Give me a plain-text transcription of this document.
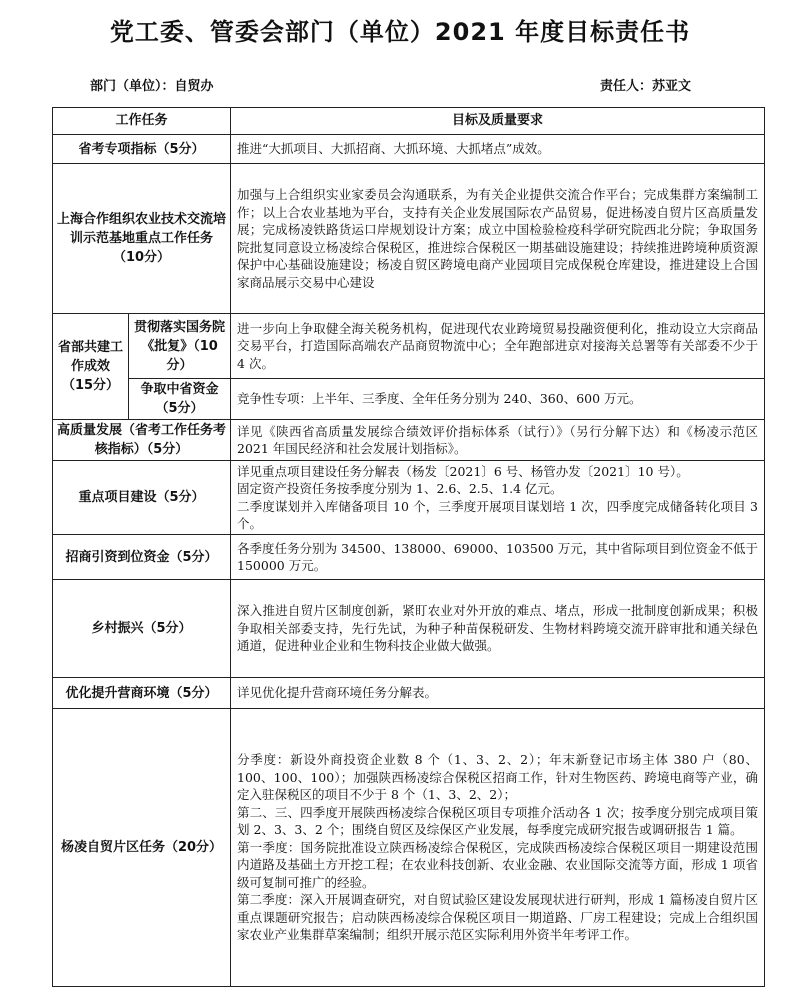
党工委、管委会部门（单位）2021 年度目标责任书
部门（单位）：自贸办	责任人：苏亚文
工作任务		目标及质量要求
省考专项指标（5分）		推进“大抓项目、大抓招商、大抓环境、大抓堵点”成效。
上海合作组织农业技术交流培训示范基地重点工作任务（10分）		加强与上合组织实业家委员会沟通联系，为有关企业提供交流合作平台；完成集群方案编制工作；以上合农业基地为平台，支持有关企业发展国际农产品贸易，促进杨凌自贸片区高质量发展；完成杨凌铁路货运口岸规划设计方案；成立中国检验检疫科学研究院西北分院；争取国务院批复同意设立杨凌综合保税区，推进综合保税区一期基础设施建设；持续推进跨境种质资源保护中心基础设施建设；杨凌自贸区跨境电商产业园项目完成保税仓库建设，推进建设上合国家商品展示交易中心建设
省部共建工作成效（15分）	贯彻落实国务院《批复》（10分）	进一步向上争取健全海关税务机构，促进现代农业跨境贸易投融资便利化，推动设立大宗商品交易平台，打造国际高端农产品商贸物流中心；全年跑部进京对接海关总署等有关部委不少于 4 次。
	争取中省资金（5分）	竞争性专项：上半年、三季度、全年任务分别为 240、360、600 万元。
高质量发展（省考工作任务考核指标）（5分）		详见《陕西省高质量发展综合绩效评价指标体系（试行）》（另行分解下达）和《杨凌示范区 2021 年国民经济和社会发展计划指标》。
重点项目建设（5分）		详见重点项目建设任务分解表（杨发〔2021〕6 号、杨管办发〔2021〕10 号）。
固定资产投资任务按季度分别为 1、2.6、2.5、1.4 亿元。
二季度谋划并入库储备项目 10 个，三季度开展项目谋划培 1 次，四季度完成储备转化项目 3 个。

招商引资到位资金（5分）		各季度任务分别为 34500、138000、69000、103500 万元，其中省际项目到位资金不低于 150000 万元。
乡村振兴（5分）		深入推进自贸片区制度创新，紧盯农业对外开放的难点、堵点，形成一批制度创新成果；积极争取相关部委支持，先行先试，为种子种苗保税研发、生物材料跨境交流开辟审批和通关绿色通道，促进种业企业和生物科技企业做大做强。
优化提升营商环境（5分）		详见优化提升营商环境任务分解表。
杨凌自贸片区任务（20分）		分季度：新设外商投资企业数 8 个（1、3、2、2）；年末新登记市场主体 380 户（80、100、100、100）；加强陕西杨凌综合保税区招商工作，针对生物医药、跨境电商等产业，确定入驻保税区的项目不少于 8 个（1、3、2、2）；
第二、三、四季度开展陕西杨凌综合保税区项目专项推介活动各 1 次；按季度分别完成项目策划 2、3、3、2 个；围绕自贸区及综保区产业发展，每季度完成研究报告或调研报告 1 篇。
第一季度：国务院批准设立陕西杨凌综合保税区，完成陕西杨凌综合保税区项目一期建设范围内道路及基础土方开挖工程；在农业科技创新、农业金融、农业国际交流等方面，形成 1 项省级可复制可推广的经验。
第二季度：深入开展调查研究，对自贸试验区建设发展现状进行研判，形成 1 篇杨凌自贸片区重点课题研究报告；启动陕西杨凌综合保税区项目一期道路、厂房工程建设；完成上合组织国家农业产业集群草案编制；组织开展示范区实际利用外资半年考评工作。
